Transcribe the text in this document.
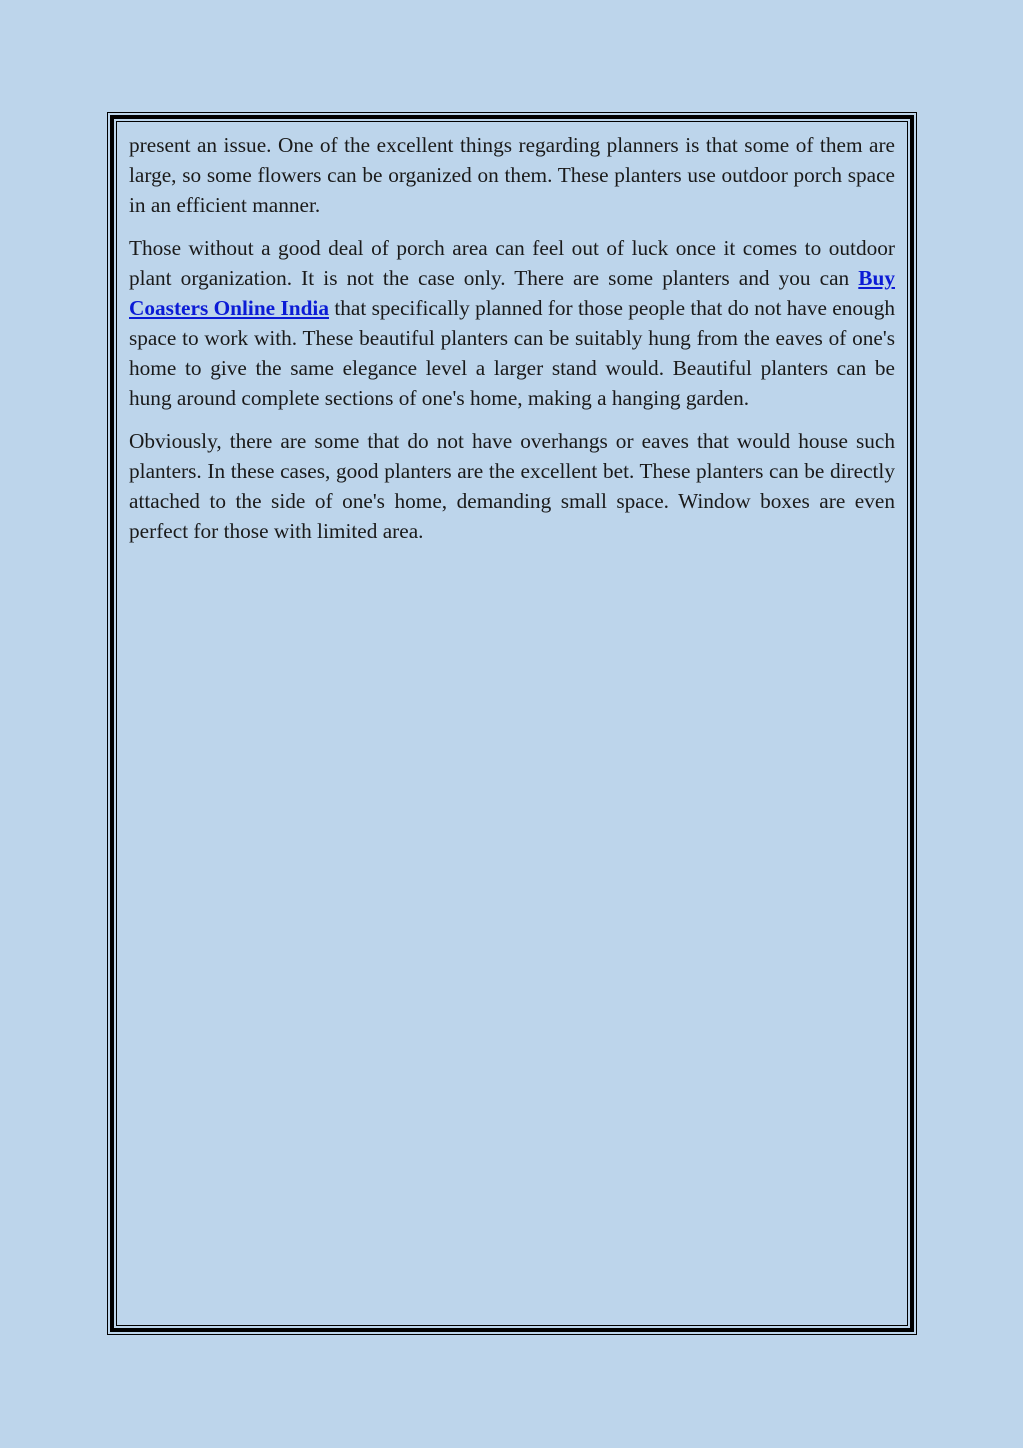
present an issue. One of the excellent things regarding planners is that some of them are large, so some flowers can be organized on them. These planters use outdoor porch space in an efficient manner.

Those without a good deal of porch area can feel out of luck once it comes to outdoor plant organization. It is not the case only. There are some planters and you can Buy Coasters Online India that specifically planned for those people that do not have enough space to work with. These beautiful planters can be suitably hung from the eaves of one's home to give the same elegance level a larger stand would. Beautiful planters can be hung around complete sections of one's home, making a hanging garden.

Obviously, there are some that do not have overhangs or eaves that would house such planters. In these cases, good planters are the excellent bet. These planters can be directly attached to the side of one's home, demanding small space. Window boxes are even perfect for those with limited area.
